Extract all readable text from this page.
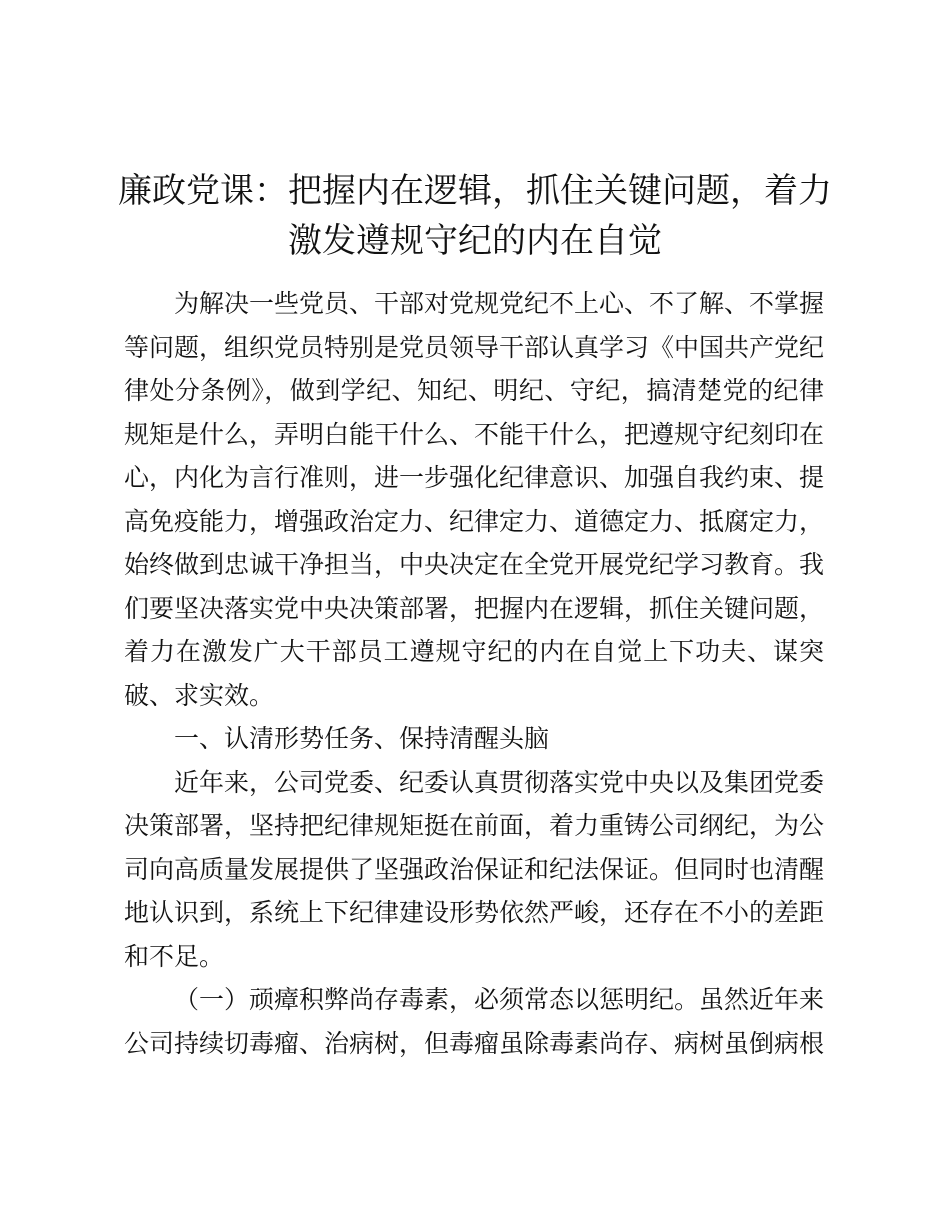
廉政党课：把握内在逻辑，抓住关键问题，着力激发遵规守纪的内在自觉

为解决一些党员、干部对党规党纪不上心、不了解、不掌握等问题，组织党员特别是党员领导干部认真学习《中国共产党纪律处分条例》，做到学纪、知纪、明纪、守纪，搞清楚党的纪律规矩是什么，弄明白能干什么、不能干什么，把遵规守纪刻印在心，内化为言行准则，进一步强化纪律意识、加强自我约束、提高免疫能力，增强政治定力、纪律定力、道德定力、抵腐定力，始终做到忠诚干净担当，中央决定在全党开展党纪学习教育。我们要坚决落实党中央决策部署，把握内在逻辑，抓住关键问题，着力在激发广大干部员工遵规守纪的内在自觉上下功夫、谋突破、求实效。

一、认清形势任务、保持清醒头脑

近年来，公司党委、纪委认真贯彻落实党中央以及集团党委决策部署，坚持把纪律规矩挺在前面，着力重铸公司纲纪，为公司向高质量发展提供了坚强政治保证和纪法保证。但同时也清醒地认识到，系统上下纪律建设形势依然严峻，还存在不小的差距和不足。

（一）顽瘴积弊尚存毒素，必须常态以惩明纪。虽然近年来公司持续切毒瘤、治病树，但毒瘤虽除毒素尚存、病树虽倒病根
